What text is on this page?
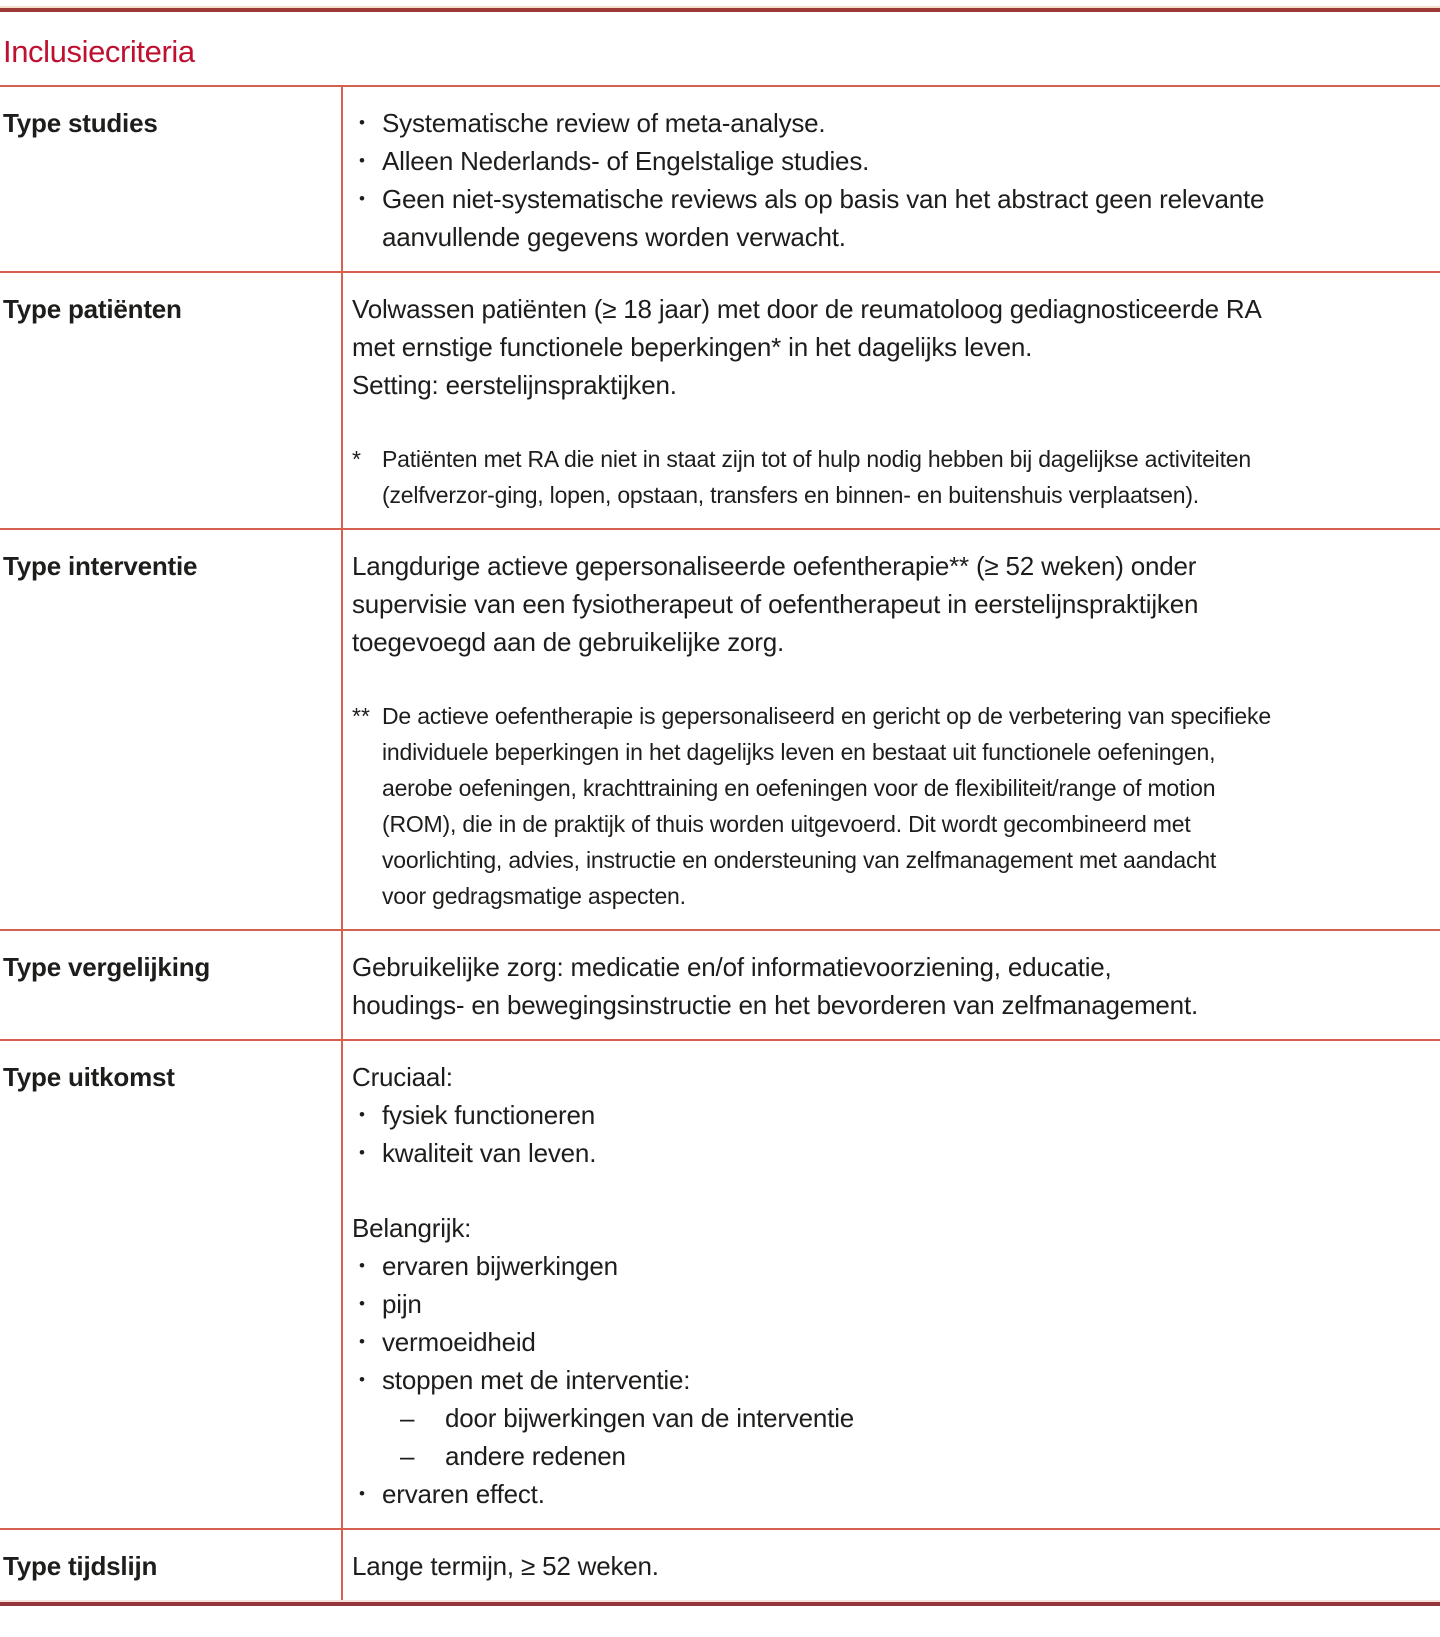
Inclusiecriteria
Type studies	• Systematische review of meta-analyse.
• Alleen Nederlands- of Engelstalige studies.
• Geen niet-systematische reviews als op basis van het abstract geen relevante
aanvullende gegevens worden verwacht.
Type patiënten	Volwassen patiënten (≥ 18 jaar) met door de reumatoloog gediagnosticeerde RA
met ernstige functionele beperkingen* in het dagelijks leven.
Setting: eerstelijnspraktijken.
* Patiënten met RA die niet in staat zijn tot of hulp nodig hebben bij dagelijkse activiteiten
(zelfverzor-ging, lopen, opstaan, transfers en binnen- en buitenshuis verplaatsen).
Type interventie	Langdurige actieve gepersonaliseerde oefentherapie** (≥ 52 weken) onder
supervisie van een fysiotherapeut of oefentherapeut in eerstelijnspraktijken
toegevoegd aan de gebruikelijke zorg.
** De actieve oefentherapie is gepersonaliseerd en gericht op de verbetering van specifieke
individuele beperkingen in het dagelijks leven en bestaat uit functionele oefeningen,
aerobe oefeningen, krachttraining en oefeningen voor de flexibiliteit/range of motion
(ROM), die in de praktijk of thuis worden uitgevoerd. Dit wordt gecombineerd met
voorlichting, advies, instructie en ondersteuning van zelfmanagement met aandacht
voor gedragsmatige aspecten.
Type vergelijking	Gebruikelijke zorg: medicatie en/of informatievoorziening, educatie,
houdings- en bewegingsinstructie en het bevorderen van zelfmanagement.
Type uitkomst	Cruciaal:
• fysiek functioneren
• kwaliteit van leven.
Belangrijk:
• ervaren bijwerkingen
• pijn
• vermoeidheid
• stoppen met de interventie:
–	door bijwerkingen van de interventie
–	andere redenen
• ervaren effect.
Type tijdslijn	Lange termijn, ≥ 52 weken.
